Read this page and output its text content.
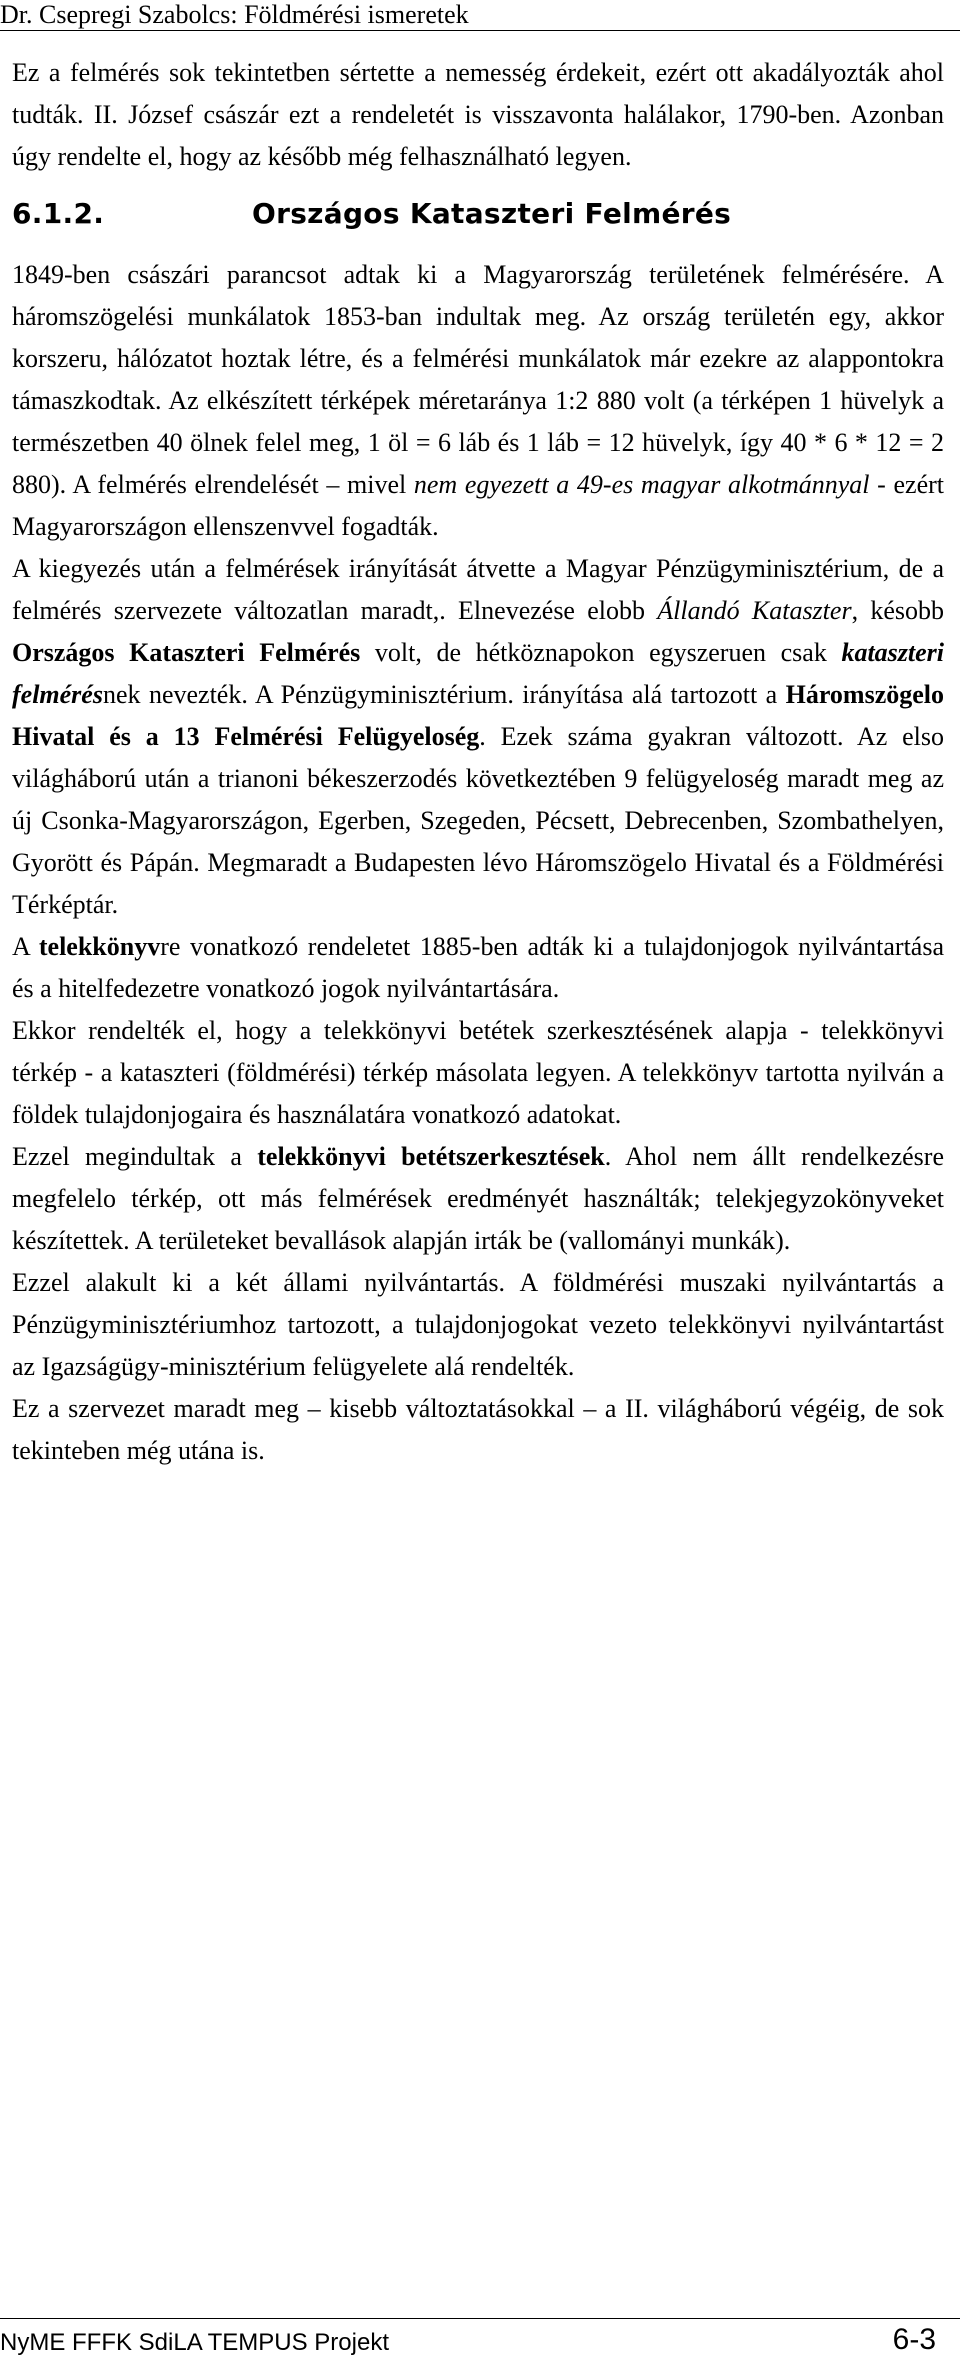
Dr. Csepregi Szabolcs: Földmérési ismeretek

Ez a felmérés sok tekintetben sértette a nemesség érdekeit, ezért ott akadályozták ahol tudták. II. József császár ezt a rendeletét is visszavonta halálakor, 1790-ben. Azonban úgy rendelte el, hogy az később még felhasználható legyen.

6.1.2.	Országos Kataszteri Felmérés

1849-ben császári parancsot adtak ki a Magyarország területének felmérésére. A háromszögelési munkálatok 1853-ban indultak meg. Az ország területén egy, akkor korszeru, hálózatot hoztak létre, és a felmérési munkálatok már ezekre az alappontokra támaszkodtak. Az elkészített térképek méretaránya 1:2 880 volt (a térképen 1 hüvelyk a természetben 40 ölnek felel meg, 1 öl = 6 láb és 1 láb = 12 hüvelyk, így 40 * 6 * 12 = 2 880). A felmérés elrendelését – mivel nem egyezett a 49-es magyar alkotmánnyal - ezért Magyarországon ellenszenvvel fogadták.

A kiegyezés után a felmérések irányítását átvette a Magyar Pénzügyminisztérium, de a felmérés szervezete változatlan maradt,. Elnevezése elobb Állandó Kataszter, késobb Országos Kataszteri Felmérés volt, de hétköznapokon egyszeruen csak kataszteri felmérésnek nevezték. A Pénzügyminisztérium. irányítása alá tartozott a Háromszögelo Hivatal és a 13 Felmérési Felügyeloség. Ezek száma gyakran változott. Az elso világháború után a trianoni békeszerzodés következtében 9 felügyeloség maradt meg az új Csonka-Magyarországon, Egerben, Szegeden, Pécsett, Debrecenben, Szombathelyen, Gyorött és Pápán. Megmaradt a Budapesten lévo Háromszögelo Hivatal és a Földmérési Térképtár.

A telekkönyvre vonatkozó rendeletet 1885-ben adták ki a tulajdonjogok nyilvántartása és a hitelfedezetre vonatkozó jogok nyilvántartására.

Ekkor rendelték el, hogy a telekkönyvi betétek szerkesztésének alapja - telekkönyvi térkép - a kataszteri (földmérési) térkép másolata legyen. A telekkönyv tartotta nyilván a földek tulajdonjogaira és használatára vonatkozó adatokat.

Ezzel megindultak a telekkönyvi betétszerkesztések. Ahol nem állt rendelkezésre megfelelo térkép, ott más felmérések eredményét használták; telekjegyzokönyveket készítettek. A területeket bevallások alapján irták be (vallományi munkák).

Ezzel alakult ki a két állami nyilvántartás. A földmérési muszaki nyilvántartás a Pénzügyminisztériumhoz tartozott, a tulajdonjogokat vezeto telekkönyvi nyilvántartást az Igazságügy-minisztérium felügyelete alá rendelték.

Ez a szervezet maradt meg – kisebb változtatásokkal – a II. világháború végéig, de sok tekinteben még utána is.

NyME FFFK SdiLA TEMPUS Projekt	6-3
